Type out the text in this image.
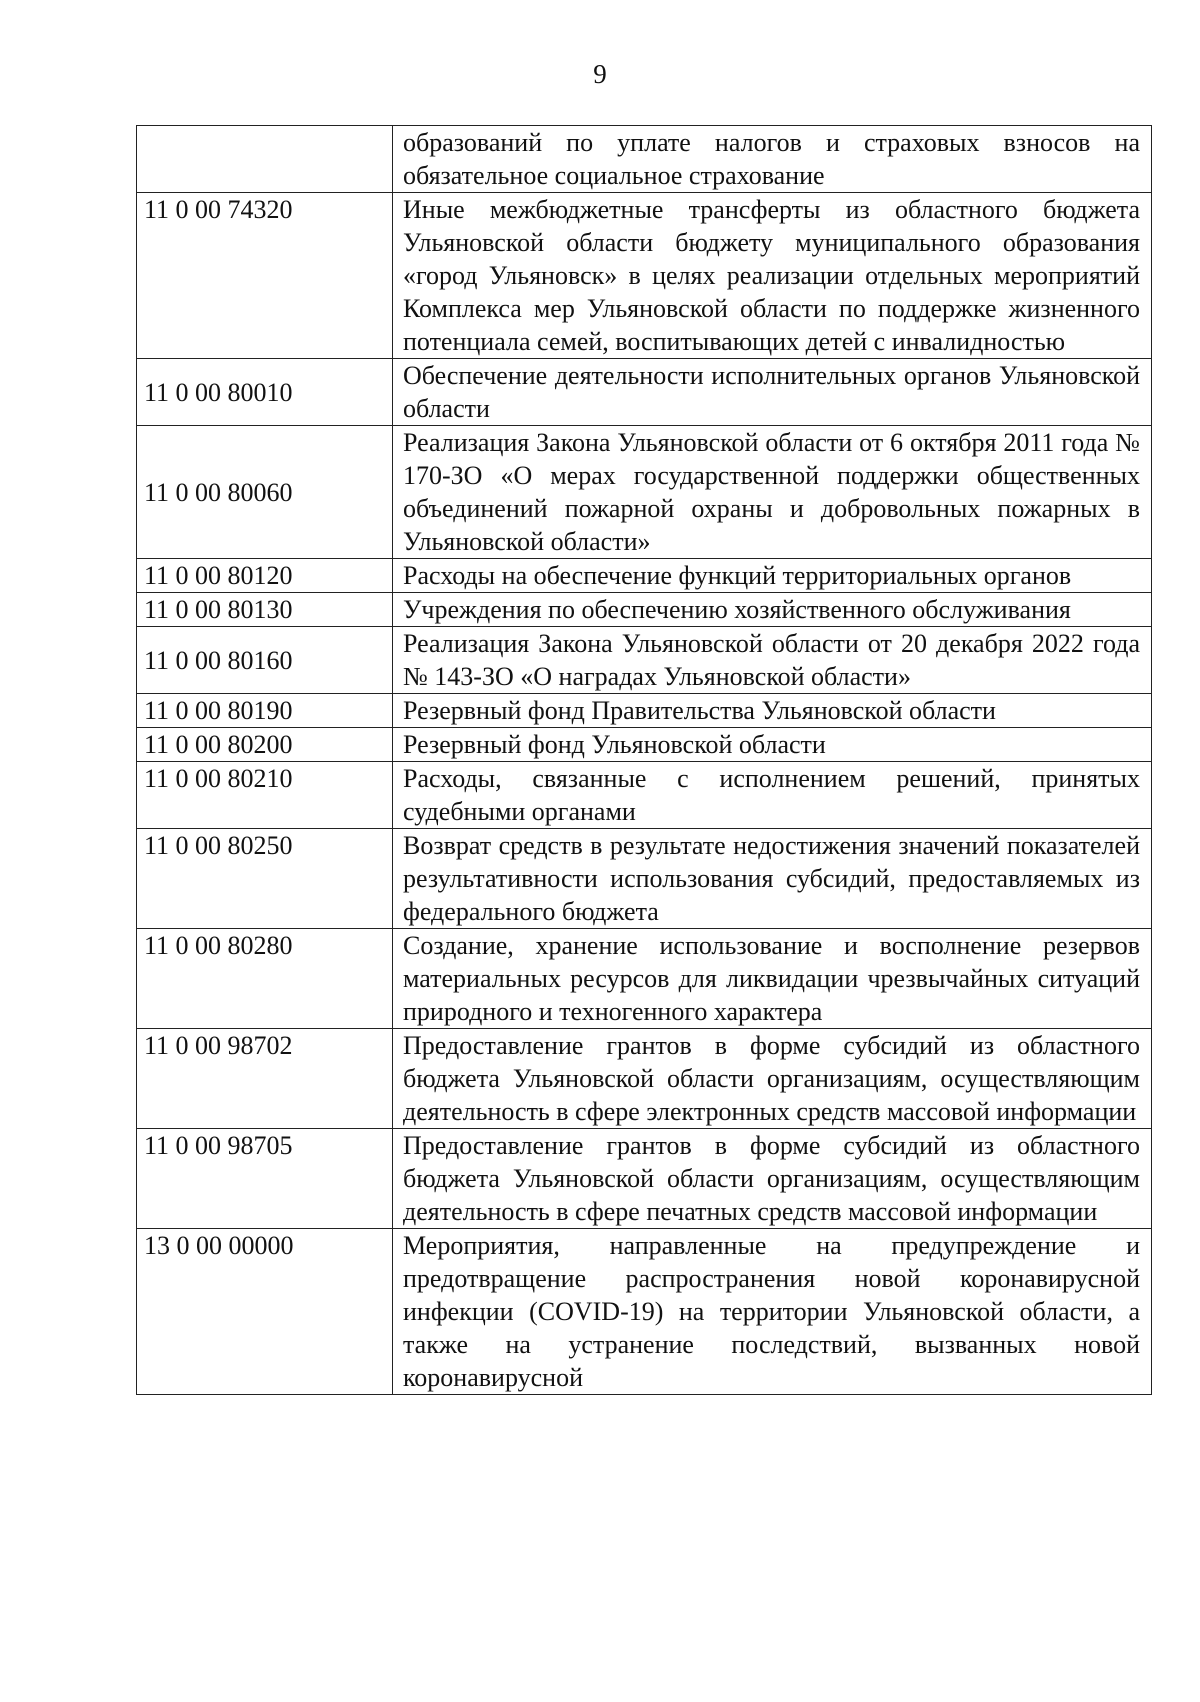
9
	образований по уплате налогов и страховых взносов на обязательное социальное страхование
11 0 00 74320	Иные межбюджетные трансферты из областного бюджета Ульяновской области бюджету муниципального образования «город Ульяновск» в целях реализации отдельных мероприятий Комплекса мер Ульяновской области по поддержке жизненного потенциала семей, воспитывающих детей с инвалидностью
11 0 00 80010	Обеспечение деятельности исполнительных органов Ульяновской области
11 0 00 80060	Реализация Закона Ульяновской области от 6 октября 2011 года № 170-ЗО «О мерах государственной поддержки общественных объединений пожарной охраны и добровольных пожарных в Ульяновской области»
11 0 00 80120	Расходы на обеспечение функций территориальных органов
11 0 00 80130	Учреждения по обеспечению хозяйственного обслуживания
11 0 00 80160	Реализация Закона Ульяновской области от 20 декабря 2022 года № 143-ЗО «О наградах Ульяновской области»
11 0 00 80190	Резервный фонд Правительства Ульяновской области
11 0 00 80200	Резервный фонд Ульяновской области
11 0 00 80210	Расходы, связанные с исполнением решений, принятых судебными органами
11 0 00 80250	Возврат средств в результате недостижения значений показателей результативности использования субсидий, предоставляемых из федерального бюджета
11 0 00 80280	Создание, хранение использование и восполнение резервов материальных ресурсов для ликвидации чрезвычайных ситуаций природного и техногенного характера
11 0 00 98702	Предоставление грантов в форме субсидий из областного бюджета Ульяновской области организациям, осуществляющим деятельность в сфере электронных средств массовой информации
11 0 00 98705	Предоставление грантов в форме субсидий из областного бюджета Ульяновской области организациям, осуществляющим деятельность в сфере печатных средств массовой информации
13 0 00 00000	Мероприятия, направленные на предупреждение и предотвращение распространения новой коронавирусной инфекции (COVID-19) на территории Ульяновской области, а также на устранение последствий, вызванных новой коронавирусной
